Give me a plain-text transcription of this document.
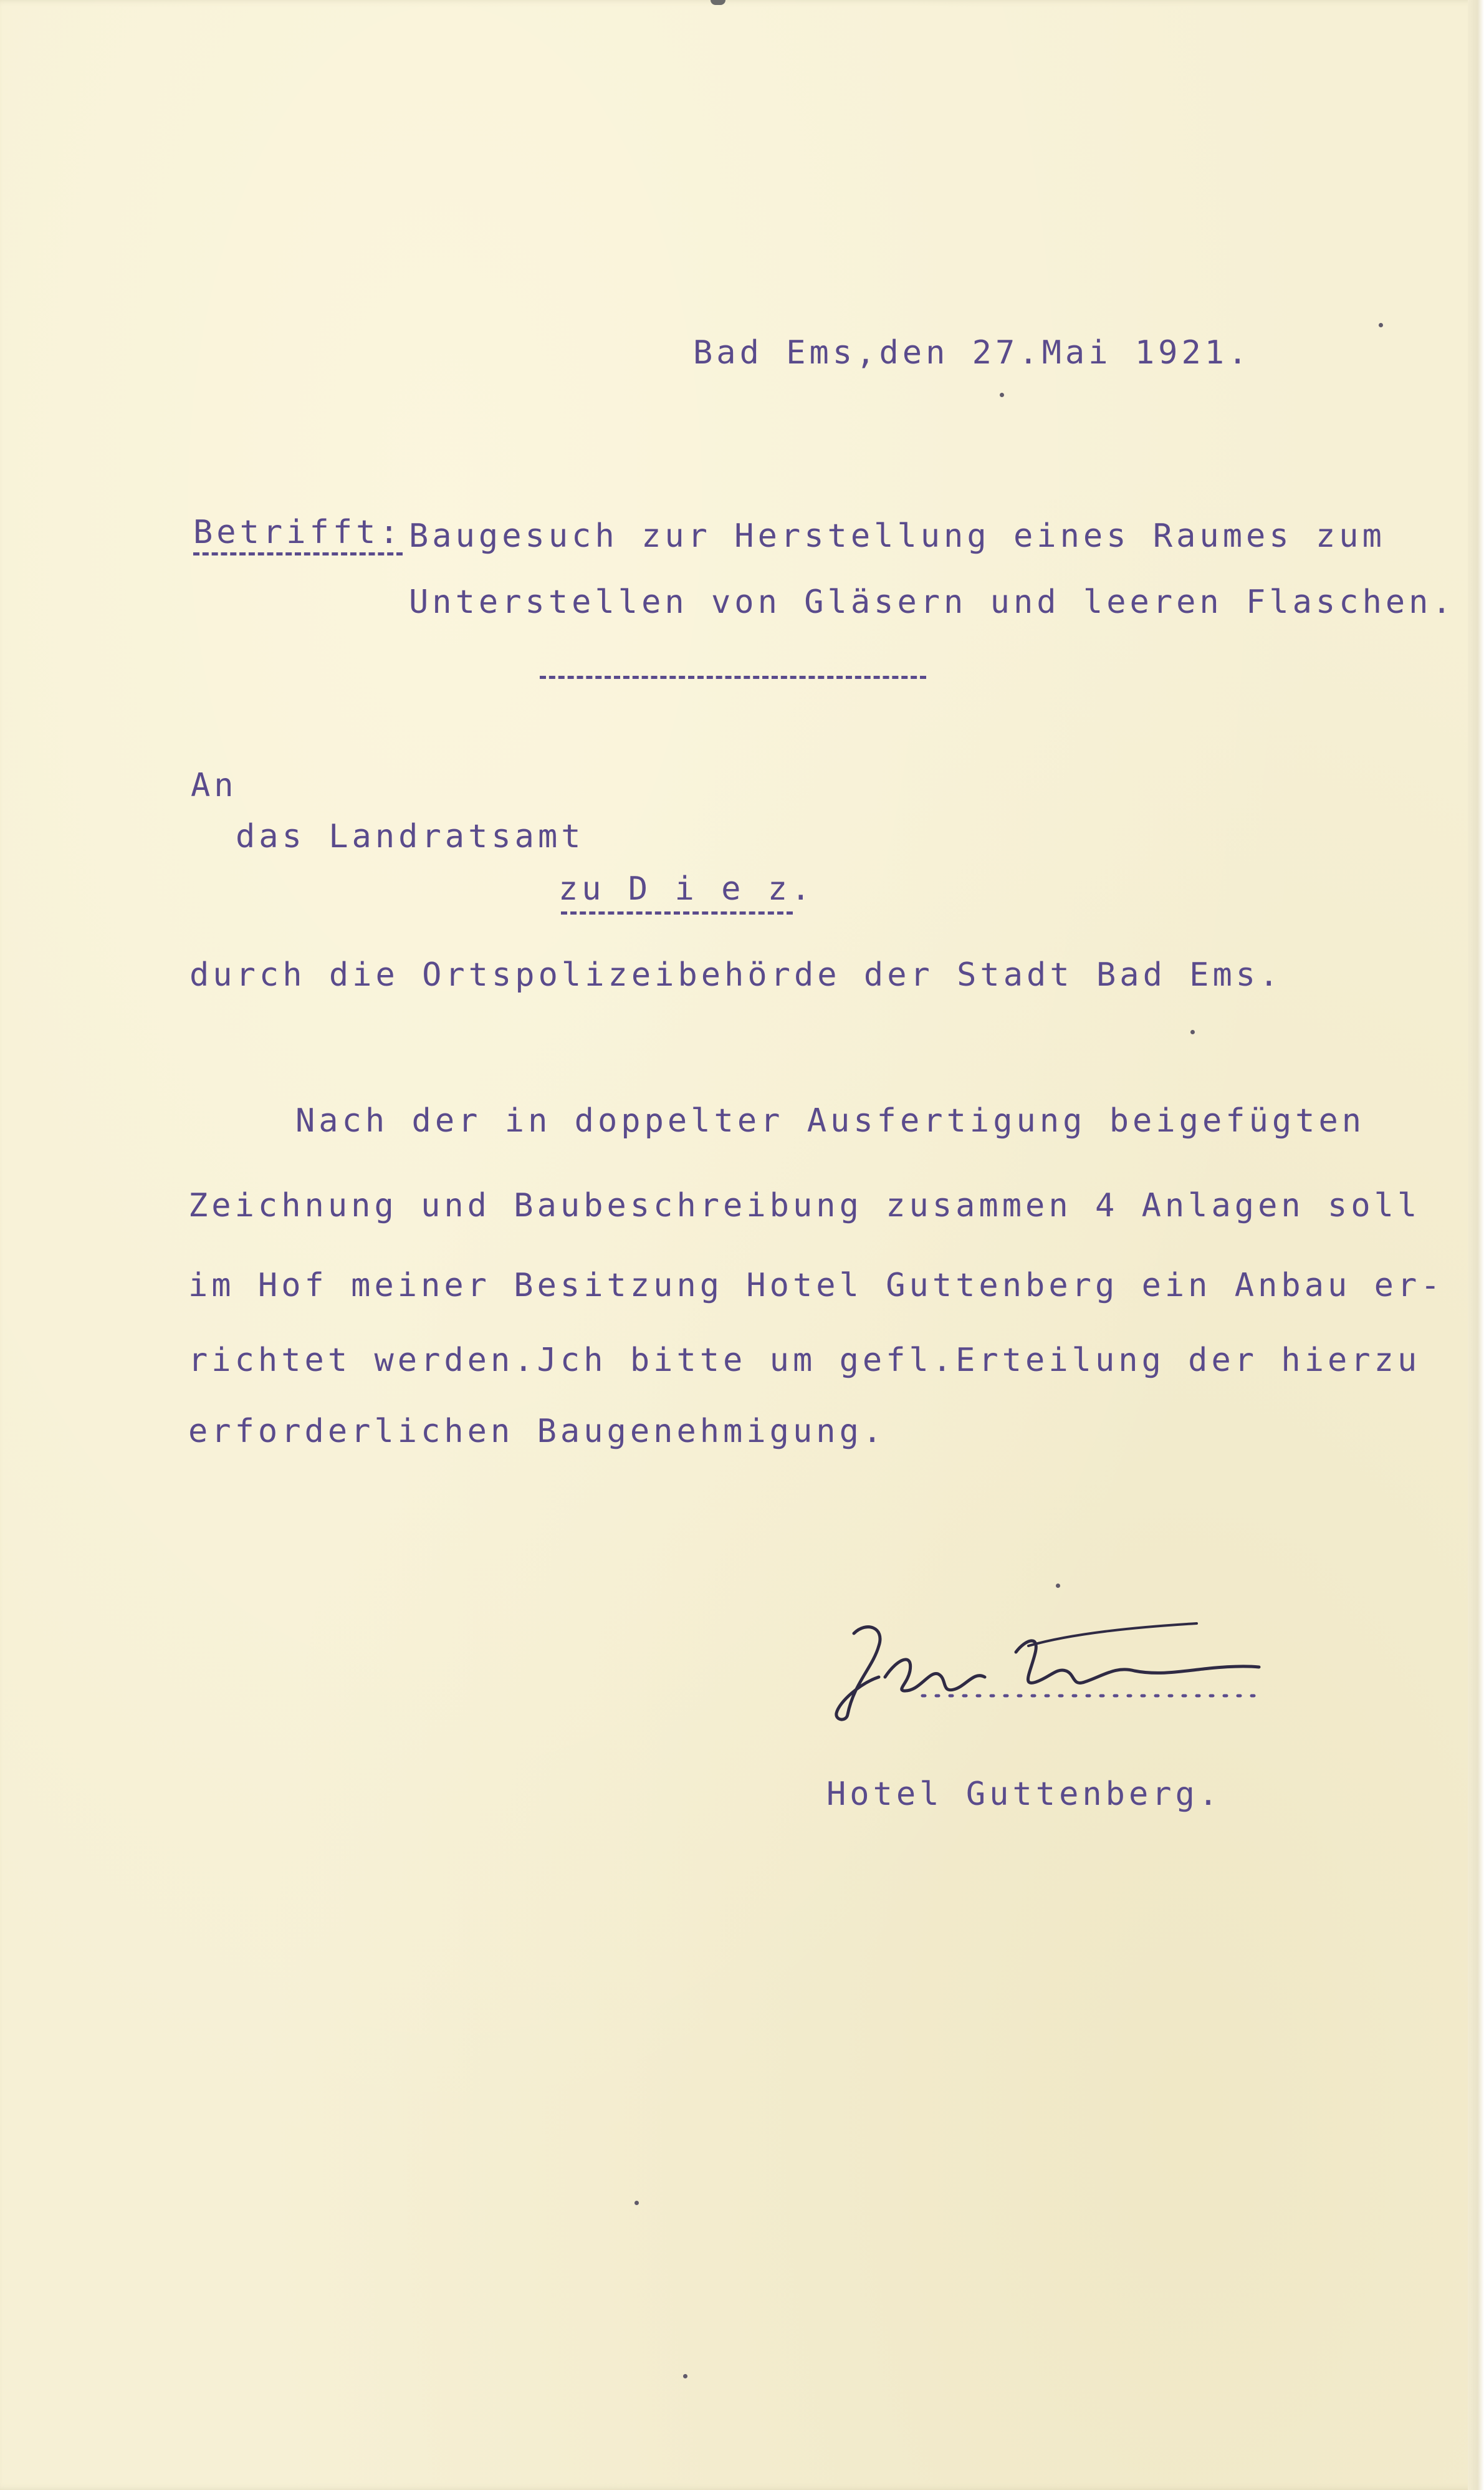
Bad Ems,den 27.Mai 1921.
Betrifft: Baugesuch zur Herstellung eines Raumes zum
Unterstellen von Gläsern und leeren Flaschen.
An
das Landratsamt
zu D i e z.
durch die Ortspolizeibehörde der Stadt Bad Ems.
Nach der in doppelter Ausfertigung beigefügten
Zeichnung und Baubeschreibung zusammen 4 Anlagen soll
im Hof meiner Besitzung Hotel Guttenberg ein Anbau er-
richtet werden.Jch bitte um gefl.Erteilung der hierzu
erforderlichen Baugenehmigung.
Hotel Guttenberg.
